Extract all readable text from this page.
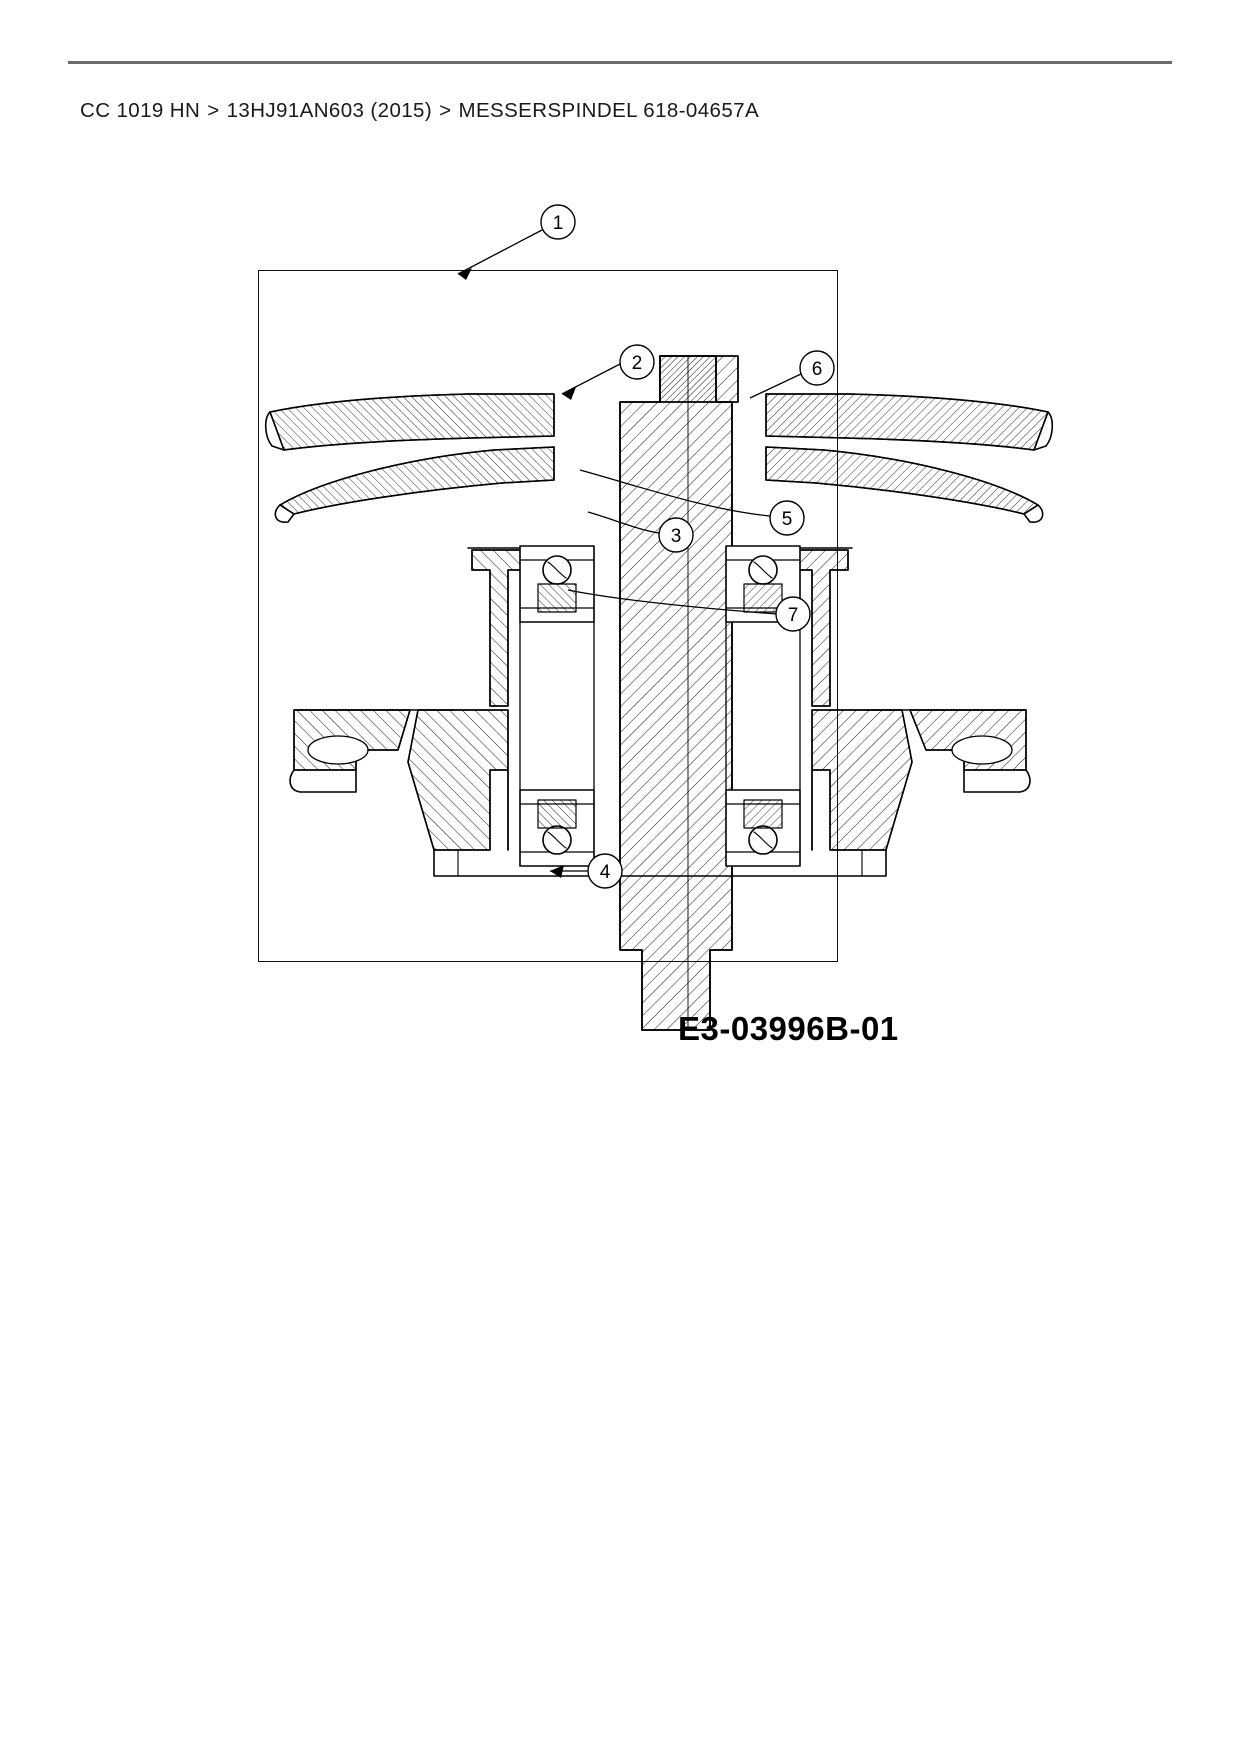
CC 1019 HN > 13HJ91AN603 (2015) > MESSERSPINDEL 618-04657A
1
2
3
4
5
6
7
E3-03996B-01
